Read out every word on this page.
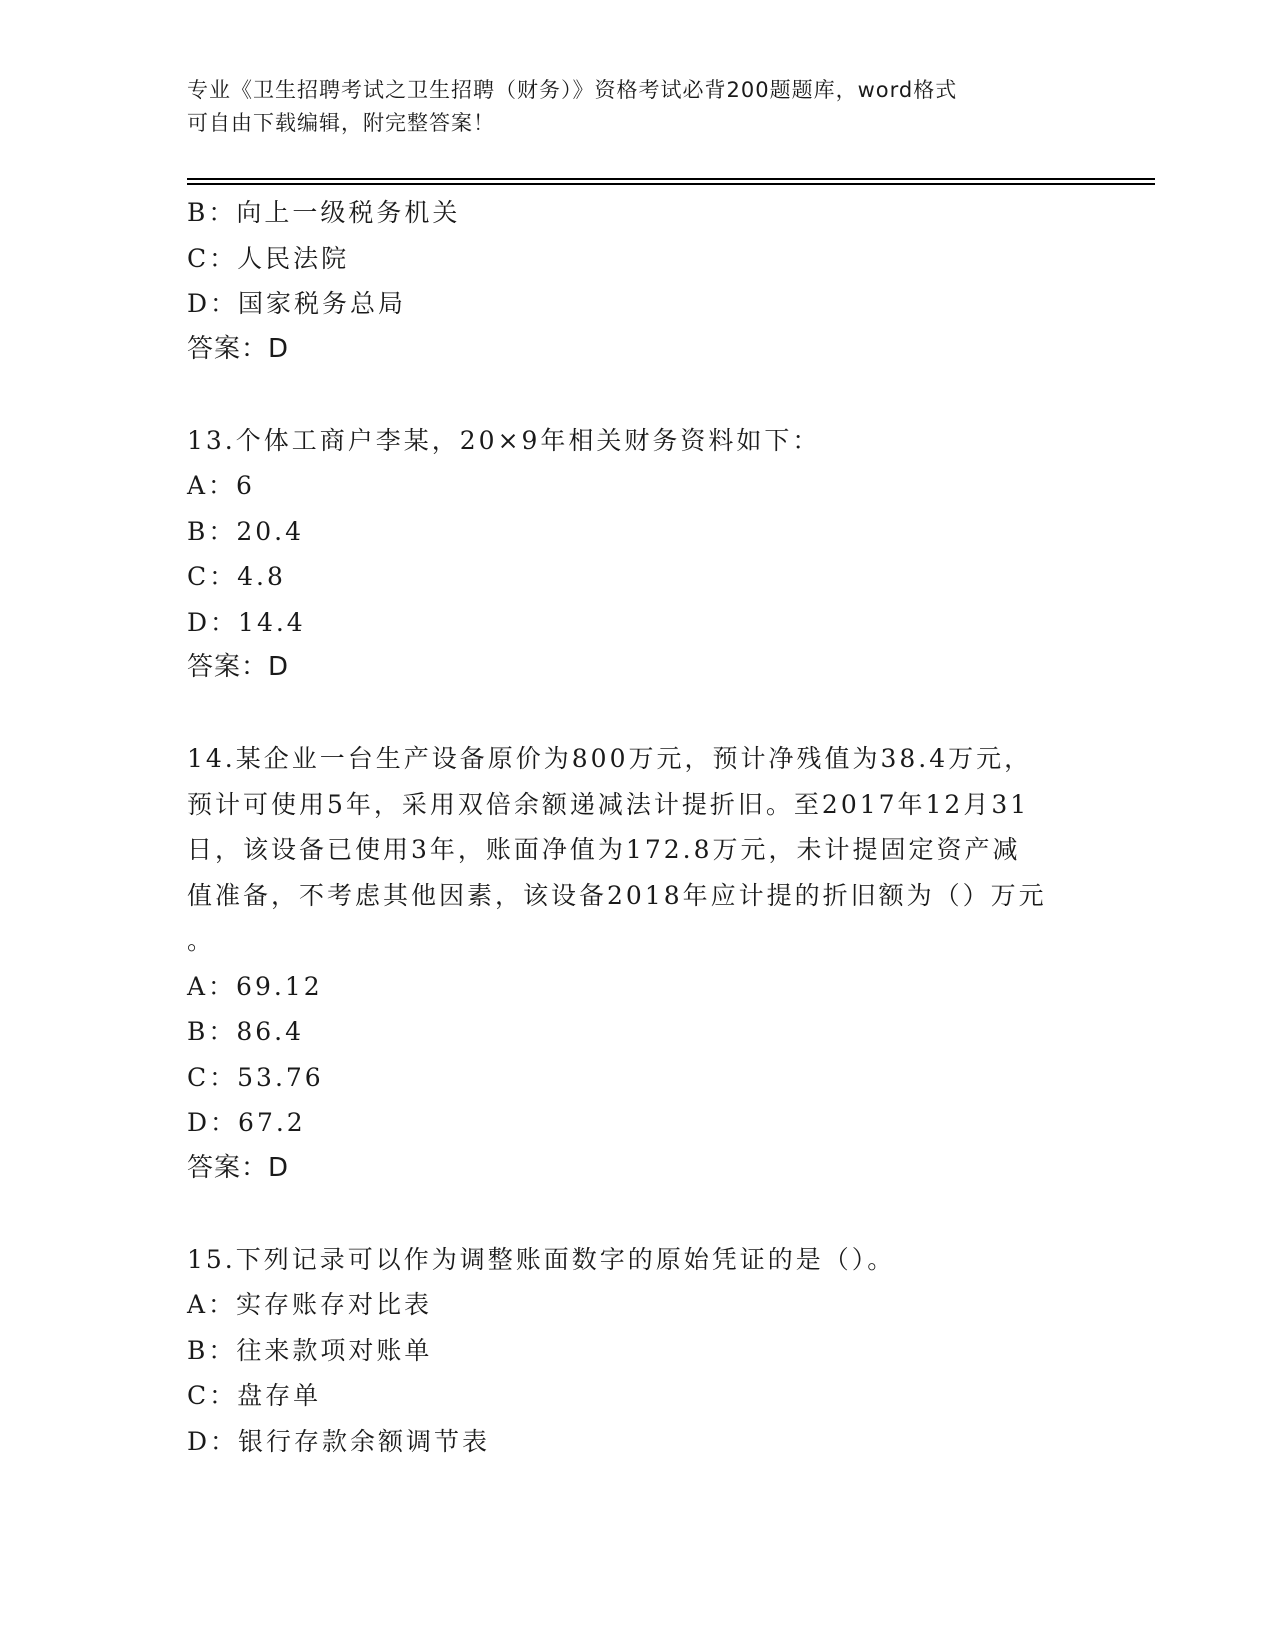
专业《卫生招聘考试之卫生招聘（财务）》资格考试必背200题题库，word格式
可自由下载编辑，附完整答案！
B：向上一级税务机关
C：人民法院
D：国家税务总局
答案：D
13.个体工商户李某，20×9年相关财务资料如下：
A：6
B：20.4
C：4.8
D：14.4
答案：D
14.某企业一台生产设备原价为800万元，预计净残值为38.4万元，
预计可使用5年，采用双倍余额递减法计提折旧。至2017年12月31
日，该设备已使用3年，账面净值为172.8万元，未计提固定资产减
值准备，不考虑其他因素，该设备2018年应计提的折旧额为（）万元
。
A：69.12
B：86.4
C：53.76
D：67.2
答案：D
15.下列记录可以作为调整账面数字的原始凭证的是（）。
A：实存账存对比表
B：往来款项对账单
C：盘存单
D：银行存款余额调节表
